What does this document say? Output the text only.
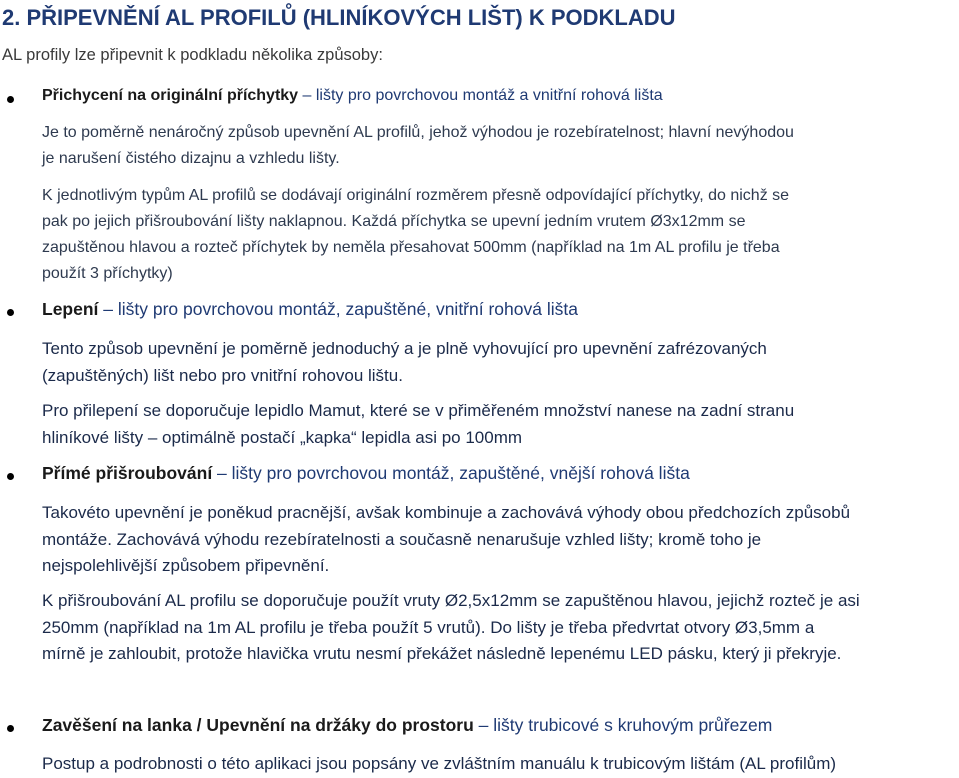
2. PŘIPEVNĚNÍ AL PROFILŮ (HLINÍKOVÝCH LIŠT) K PODKLADU
AL profily lze připevnit k podkladu několika způsoby:
Přichycení na originální příchytky – lišty pro povrchovou montáž a vnitřní rohová lišta
Je to poměrně nenáročný způsob upevnění AL profilů, jehož výhodou je rozebíratelnost; hlavní nevýhodou
je narušení čistého dizajnu a vzhledu lišty.
K jednotlivým typům AL profilů se dodávají originální rozměrem přesně odpovídající příchytky, do nichž se
pak po jejich přišroubování lišty naklapnou. Každá příchytka se upevní jedním vrutem Ø3x12mm se
zapuštěnou hlavou a rozteč příchytek by neměla přesahovat 500mm (například na 1m AL profilu je třeba
použít 3 příchytky)
Lepení – lišty pro povrchovou montáž, zapuštěné, vnitřní rohová lišta
Tento způsob upevnění je poměrně jednoduchý a je plně vyhovující pro upevnění zafrézovaných
(zapuštěných) lišt nebo pro vnitřní rohovou lištu.
Pro přilepení se doporučuje lepidlo Mamut, které se v přiměřeném množství nanese na zadní stranu
hliníkové lišty – optimálně postačí „kapka“ lepidla asi po 100mm
Přímé přišroubování – lišty pro povrchovou montáž, zapuštěné, vnější rohová lišta
Takovéto upevnění je poněkud pracnější, avšak kombinuje a zachovává výhody obou předchozích způsobů
montáže. Zachovává výhodu rezebíratelnosti a současně nenarušuje vzhled lišty; kromě toho je
nejspolehlivější způsobem připevnění.
K přišroubování AL profilu se doporučuje použít vruty Ø2,5x12mm se zapuštěnou hlavou, jejichž rozteč je asi
250mm (například na 1m AL profilu je třeba použít 5 vrutů). Do lišty je třeba předvrtat otvory Ø3,5mm a
mírně je zahloubit, protože hlavička vrutu nesmí překážet následně lepenému LED pásku, který ji překryje.
Zavěšení na lanka / Upevnění na držáky do prostoru – lišty trubicové s kruhovým průřezem
Postup a podrobnosti o této aplikaci jsou popsány ve zvláštním manuálu k trubicovým lištám (AL profilům)
